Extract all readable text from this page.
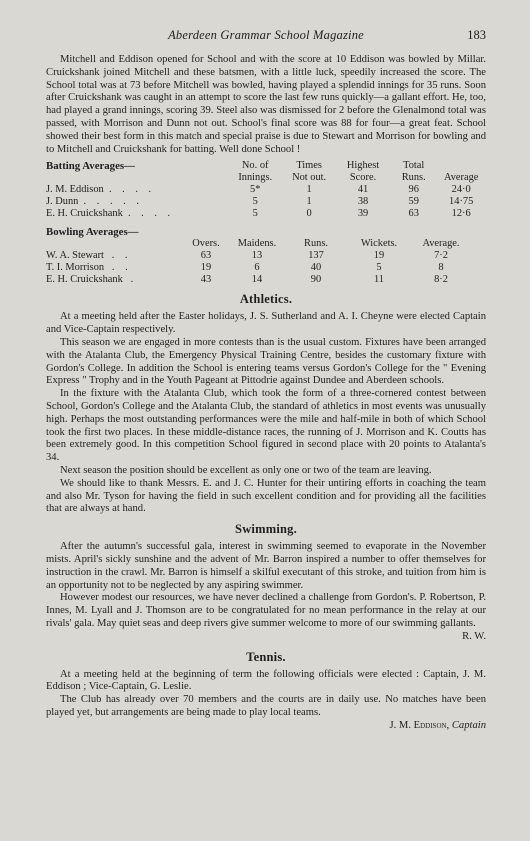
Aberdeen Grammar School Magazine	183

Mitchell and Eddison opened for School and with the score at 10 Eddison was bowled by Millar. Cruickshank joined Mitchell and these batsmen, with a little luck, speedily increased the score. The School total was at 73 before Mitchell was bowled, having played a splendid innings for 35 runs. Soon after Cruickshank was caught in an attempt to score the last few runs quickly—a gallant effort. He, too, had played a grand innings, scoring 39. Steel also was dismissed for 2 before the Glenalmond total was passed, with Morrison and Dunn not out. School's final score was 88 for four—a great feat. School showed their best form in this match and special praise is due to Stewart and Morrison for bowling and to Mitchell and Cruickshank for batting. Well done School !

Batting Averages—	No. of	Times	Highest	Total	
	Innings.	Not out.	Score.	Runs.	Average
J. M. Eddison . . . .	5*	1	41	96	24·0
J. Dunn . . . . .	5	1	38	59	14·75
E. H. Cruickshank . . . .	5	0	39	63	12·6
Bowling Averages—					
	Overs.	Maidens.	Runs.	Wickets.	Average.
W. A. Stewart . .	63	13	137	19	7·2
T. I. Morrison . .	19	6	40	5	8
E. H. Cruickshank .	43	14	90	11	8·2
Athletics.

At a meeting held after the Easter holidays, J. S. Sutherland and A. I. Cheyne were elected Captain and Vice-Captain respectively.

This season we are engaged in more contests than is the usual custom. Fixtures have been arranged with the Atalanta Club, the Emergency Physical Training Centre, besides the customary fixture with Gordon's College. In addition the School is entering teams versus Gordon's College for the " Evening Express " Trophy and in the Youth Pageant at Pittodrie against Dundee and Aberdeen schools.

In the fixture with the Atalanta Club, which took the form of a three-cornered contest between School, Gordon's College and the Atalanta Club, the standard of athletics in most events was unusually high. Perhaps the most outstanding performances were the mile and half-mile in both of which School took the first two places. In these middle-distance races, the running of J. Morrison and K. Coutts has been extremely good. In this competition School figured in second place with 20 points to Atalanta's 34.

Next season the position should be excellent as only one or two of the team are leaving.

We should like to thank Messrs. E. and J. C. Hunter for their untiring efforts in coaching the team and also Mr. Tyson for having the field in such excellent condition and for providing all the facilities that are always at hand.

Swimming.

After the autumn's successful gala, interest in swimming seemed to evaporate in the November mists. April's sickly sunshine and the advent of Mr. Barron inspired a number to offer themselves for instruction in the crawl. Mr. Barron is himself a skilful executant of this stroke, and tuition from him is an opportunity not to be neglected by any aspiring swimmer.

However modest our resources, we have never declined a challenge from Gordon's. P. Robertson, P. Innes, M. Lyall and J. Thomson are to be congratulated for no mean performance in the relay at our rivals' gala. May quiet seas and deep rivers give summer welcome to more of our swimming gallants.

R. W.
Tennis.

At a meeting held at the beginning of term the following officials were elected : Captain, J. M. Eddison ; Vice-Captain, G. Leslie.

The Club has already over 70 members and the courts are in daily use. No matches have been played yet, but arrangements are being made to play local teams.

J. M. Eddison, Captain
